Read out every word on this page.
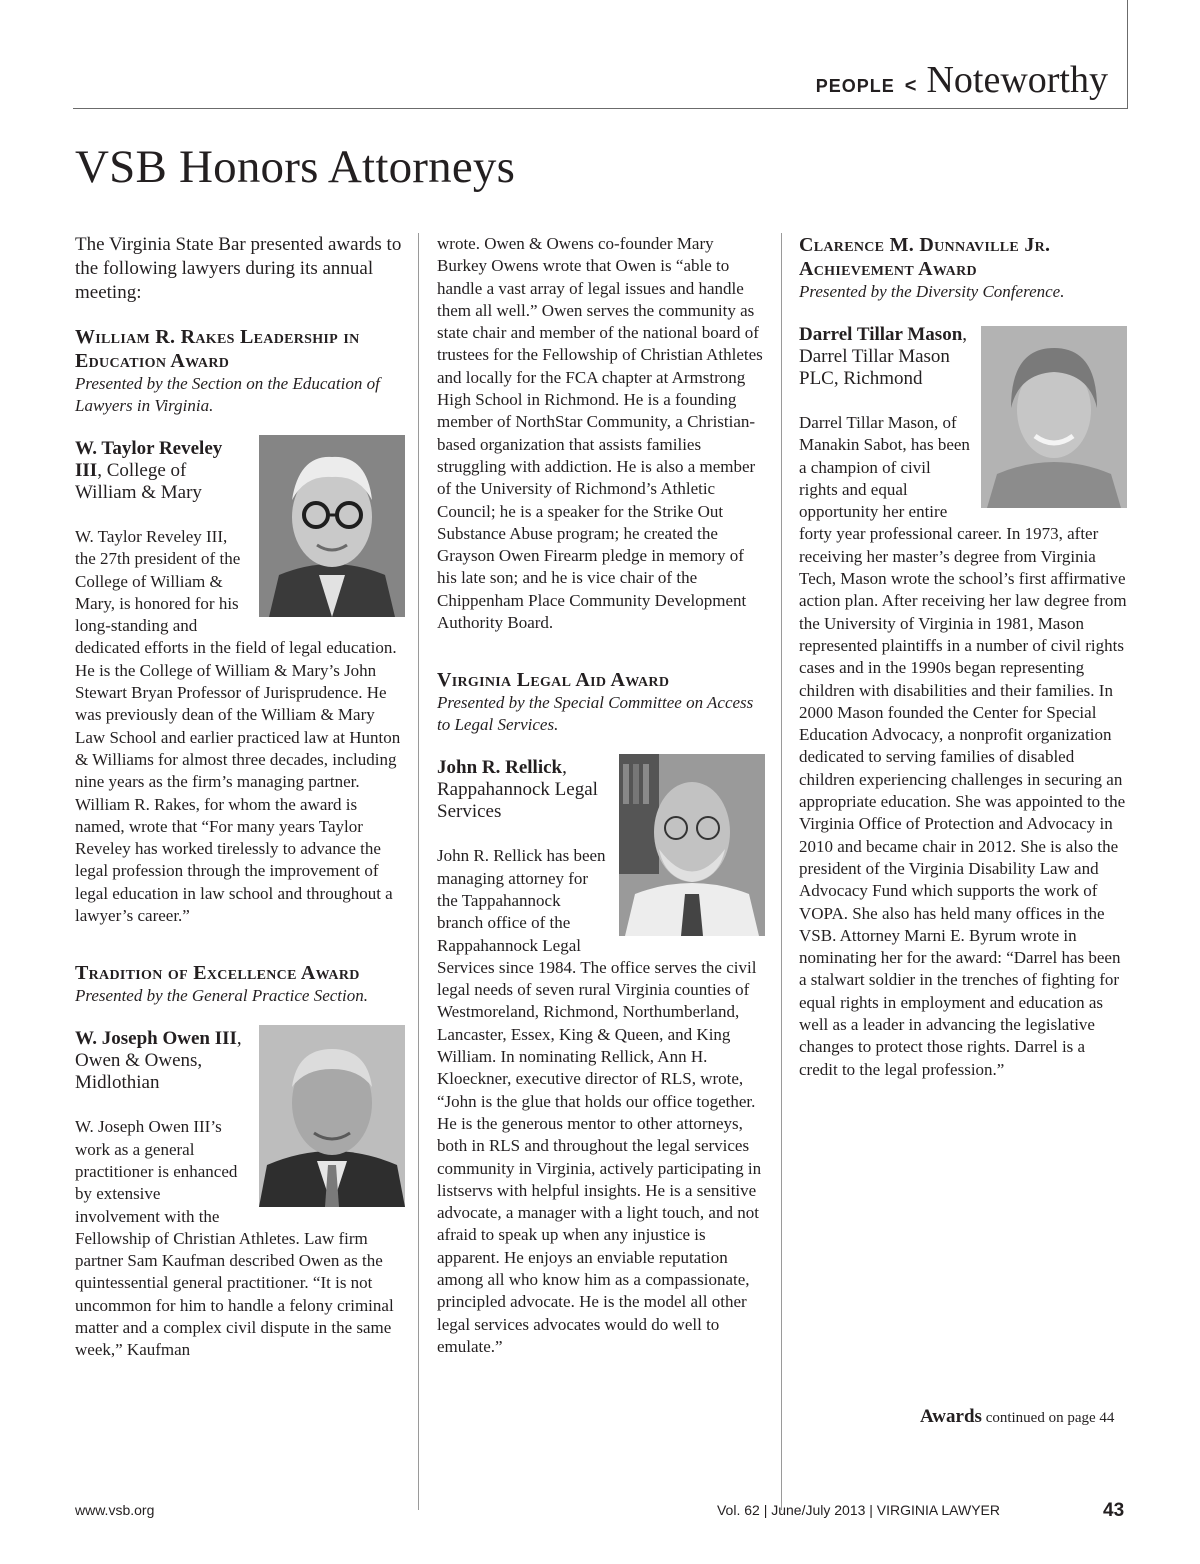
PEOPLE < Noteworthy
VSB Honors Attorneys

The Virginia State Bar presented awards to the following lawyers during its annual meeting:

William R. Rakes Leadership in Education Award

Presented by the Section on the Education of Lawyers in Virginia.

W. Taylor Reveley III, College of William & Mary

W. Taylor Reveley III, the 27th president of the College of William & Mary, is honored for his long-standing and dedicated efforts in the field of legal education. He is the College of William & Mary’s John Stewart Bryan Professor of Jurisprudence. He was previously dean of the William & Mary Law School and earlier practiced law at Hunton & Williams for almost three decades, including nine years as the firm’s managing partner. William R. Rakes, for whom the award is named, wrote that “For many years Taylor Reveley has worked tirelessly to advance the legal profession through the improvement of legal education in law school and throughout a lawyer’s career.”

Tradition of Excellence Award

Presented by the General Practice Section.

W. Joseph Owen III, Owen & Owens, Midlothian

W. Joseph Owen III’s work as a general practitioner is enhanced by extensive involvement with the Fellowship of Christian Athletes. Law firm partner Sam Kaufman described Owen as the quintessential general practitioner. “It is not uncommon for him to handle a felony criminal matter and a complex civil dispute in the same week,” Kaufman

wrote. Owen & Owens co-founder Mary Burkey Owens wrote that Owen is “able to handle a vast array of legal issues and handle them all well.” Owen serves the community as state chair and member of the national board of trustees for the Fellowship of Christian Athletes and locally for the FCA chapter at Armstrong High School in Richmond. He is a founding member of NorthStar Community, a Christian-based organization that assists families struggling with addiction. He is also a member of the University of Richmond’s Athletic Council; he is a speaker for the Strike Out Substance Abuse program; he created the Grayson Owen Firearm pledge in memory of his late son; and he is vice chair of the Chippenham Place Community Development Authority Board.

Virginia Legal Aid Award

Presented by the Special Committee on Access to Legal Services.

John R. Rellick, Rappahannock Legal Services

John R. Rellick has been managing attorney for the Tappahannock branch office of the Rappahannock Legal Services since 1984. The office serves the civil legal needs of seven rural Virginia counties of Westmoreland, Richmond, Northumberland, Lancaster, Essex, King & Queen, and King William. In nominating Rellick, Ann H. Kloeckner, executive director of RLS, wrote, “John is the glue that holds our office together. He is the generous mentor to other attorneys, both in RLS and throughout the legal services community in Virginia, actively participating in listservs with helpful insights. He is a sensitive advocate, a manager with a light touch, and not afraid to speak up when any injustice is apparent. He enjoys an enviable reputation among all who know him as a compassionate, principled advocate. He is the model all other legal services advocates would do well to emulate.”

Clarence M. Dunnaville Jr. Achievement Award

Presented by the Diversity Conference.

Darrel Tillar Mason, Darrel Tillar Mason PLC, Richmond

Darrel Tillar Mason, of Manakin Sabot, has been a champion of civil rights and equal opportunity her entire forty year professional career. In 1973, after receiving her master’s degree from Virginia Tech, Mason wrote the school’s first affirmative action plan. After receiving her law degree from the University of Virginia in 1981, Mason represented plaintiffs in a number of civil rights cases and in the 1990s began representing children with disabilities and their families. In 2000 Mason founded the Center for Special Education Advocacy, a nonprofit organization dedicated to serving families of disabled children experiencing challenges in securing an appropriate education. She was appointed to the Virginia Office of Protection and Advocacy in 2010 and became chair in 2012. She is also the president of the Virginia Disability Law and Advocacy Fund which supports the work of VOPA. She also has held many offices in the VSB. Attorney Marni E. Byrum wrote in nominating her for the award: “Darrel has been a stalwart soldier in the trenches of fighting for equal rights in employment and education as well as a leader in advancing the legislative changes to protect those rights. Darrel is a credit to the legal profession.”

Awards continued on page 44
www.vsb.org	Vol. 62 | June/July 2013 | VIRGINIA LAWYER	43
